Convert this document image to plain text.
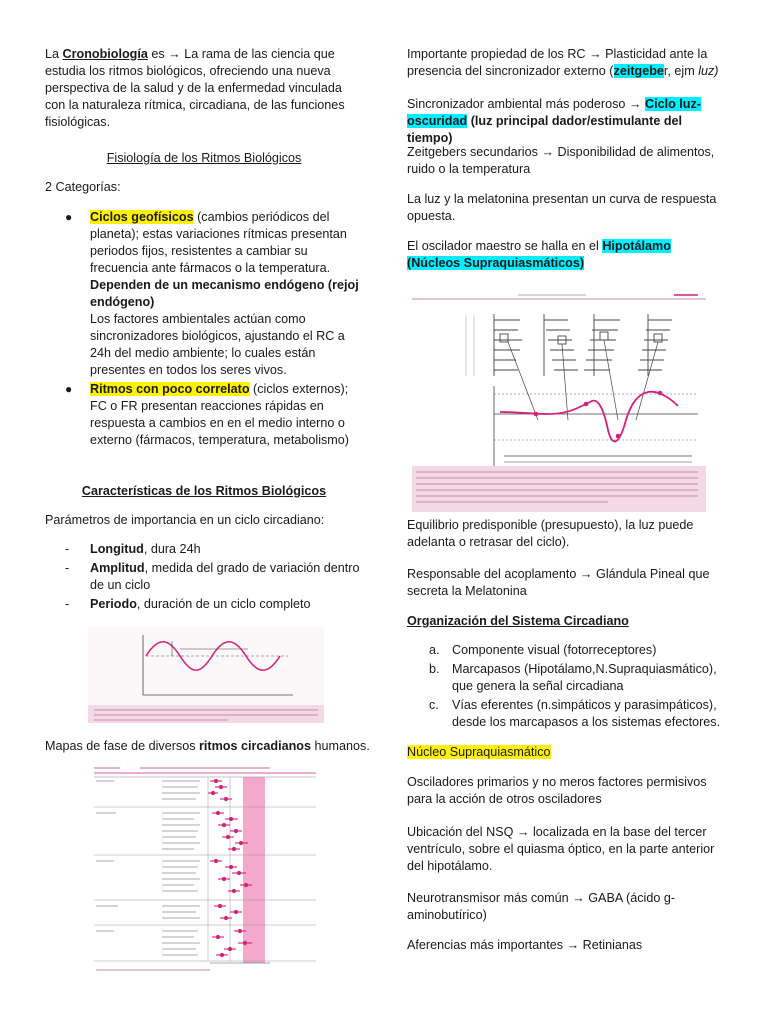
La Cronobiología es → La rama de las ciencia que estudia los ritmos biológicos, ofreciendo una nueva perspectiva de la salud y de la enfermedad vinculada con la naturaleza rítmica, circadiana, de las funciones fisiológicas.

Fisiología de los Ritmos Biológicos

2 Categorías:

● Ciclos geofísicos (cambios periódicos del planeta); estas variaciones rítmicas presentan periodos fijos, resistentes a cambiar su frecuencia ante fármacos o la temperatura.
Dependen de un mecanismo endógeno (rejoj endógeno)
Los factores ambientales actúan como sincronizadores biológicos, ajustando el RC a 24h del medio ambiente; lo cuales están presentes en todos los seres vivos.
● Ritmos con poco correlato (ciclos externos); FC o FR presentan reacciones rápidas en respuesta a cambios en en el medio interno o externo (fármacos, temperatura, metabolismo)

Características de los Ritmos Biológicos

Parámetros de importancia en un ciclo circadiano:

- Longitud, dura 24h
- Amplitud, medida del grado de variación dentro de un ciclo
- Periodo, duración de un ciclo completo

Mapas de fase de diversos ritmos circadianos humanos.

Importante propiedad de los RC → Plasticidad ante la presencia del sincronizador externo (zeitgeber, ejm luz)

Sincronizador ambiental más poderoso → Ciclo luz-oscuridad (luz principal dador/estimulante del tiempo)

Zeitgebers secundarios → Disponibilidad de alimentos, ruido o la temperatura

La luz y la melatonina presentan un curva de respuesta opuesta.

El oscilador maestro se halla en el Hipotálamo (Núcleos Supraquiasmáticos)

Equilibrio predisponible (presupuesto), la luz puede adelanta o retrasar del ciclo).

Responsable del acoplamento → Glándula Pineal que secreta la Melatonina

Organización del Sistema Circadiano

a. Componente visual (fotorreceptores)
b. Marcapasos (Hipotálamo,N.Supraquiasmático), que genera la señal circadiana
c. Vías eferentes (n.simpáticos y parasimpáticos), desde los marcapasos a los sistemas efectores.

Núcleo Supraquiasmático

Osciladores primarios y no meros factores permisivos para la acción de otros osciladores

Ubicación del NSQ → localizada en la base del tercer ventrículo, sobre el quiasma óptico, en la parte anterior del hipotálamo.

Neurotransmisor más común → GABA (ácido g-aminobutírico)

Aferencias más importantes → Retinianas
